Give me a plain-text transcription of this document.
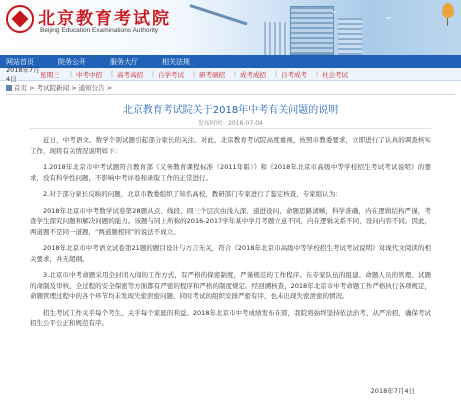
北京教育考试院
Beijing Education Examinations Authority
⌄
⌄
网站首页	院务公开	服务大厅	相关法规
2018年7月4日
星期三	| 中考中招	| 高考高招	| 自学考试	| 研考硕招	| 成考成招	| 自考成考	| 社会考试
首页 > 考试院新闻 > 通知公告 >
北京教育考试院关于2018年中考有关问题的说明
发布时间：2018-07-04

近日，中考语文、数学个别试题引起部分家长的关注。对此，北京教育考试院高度重视，按照市教委要求，立即进行了认真的调查核实工作，现将有关情况说明如下：

1.2018年北京市中考试题符合教育部《义务教育课程标准（2011年版）》和《2018年北京市高级中等学校招生考试考试说明》的要求，没有科学性问题，不影响中考评卷和录取工作的正常进行。

2.对于部分家长反映的问题，北京市教委组织了知名高校、教研部门专家进行了鉴定核查，专家组认为：

2018年北京市中考数学试卷第28题从点、线段、圆三个层次由浅入深、递进设问，命题思路清晰，科学准确，内在逻辑结构严谨，考查学生探究问题和解决问题的能力。该题与同上所称的2016-2017学年某中学月考题立意不同，内在逻辑关系不同，设问内容不同。因此，两道题不是同一道题，“两道题相同”的说法不成立。

2018年北京市中考语文试卷第21题的题目设计与方言无关，符合《2018年北京市高级中等学校招生考试考试说明》对现代文阅读的相关要求，并无超纲。

3.北京市中考命题采用全封闭入闱的工作方式，有严格的保密制度，严谨规范的工作程序。在专家队伍的组建、命题人员的管理、试题的命制及审核、全过程的安全保密等方面都有严密的程序和严格的制度规定。经回溯核查，2018年北京市中考命题工作严格执行各项规定，命题管理过程中的各个环节均未发现失密泄密问题，同时考试的组织安排严密有序，也未出现失密泄密的情况。

招生考试工作关乎每个考生、关乎每个家庭的利益。2018年北京市中考成绩发布在即，我院将始终坚持依法治考、从严治招，确保考试招生公平公正和规范有序。

2018年7月4日
